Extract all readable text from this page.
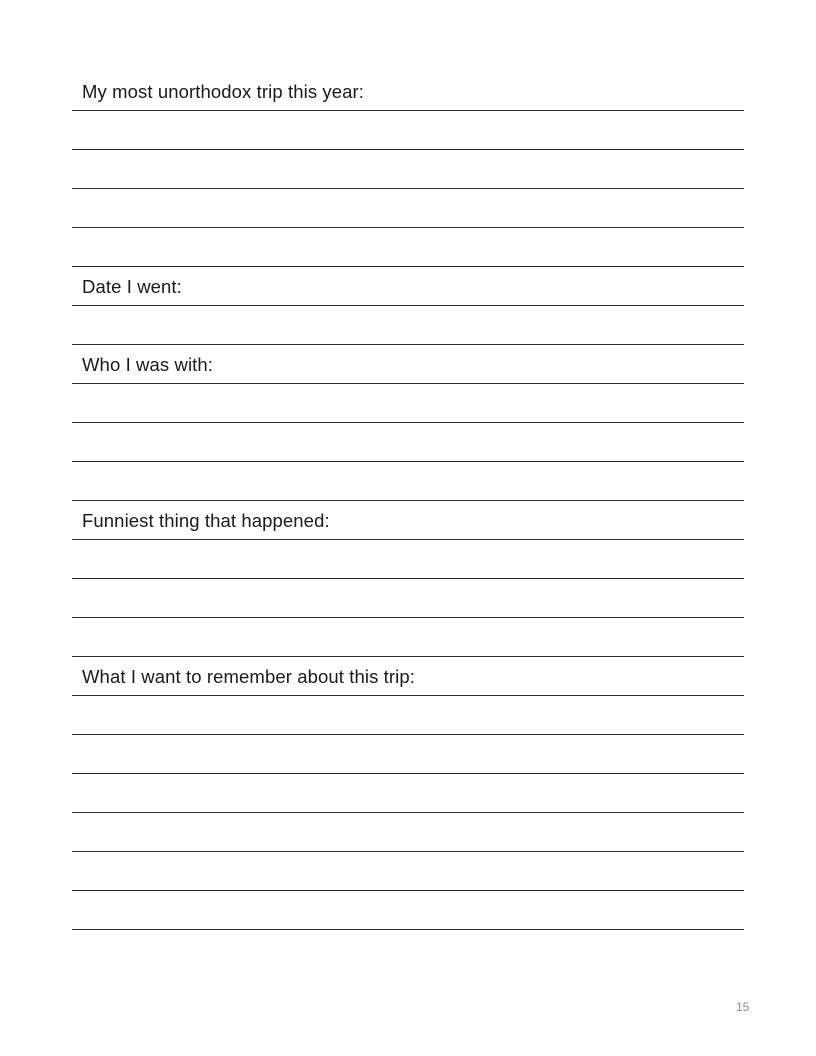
My most unorthodox trip this year:
Date I went:
Who I was with:
Funniest thing that happened:
What I want to remember about this trip:
15
